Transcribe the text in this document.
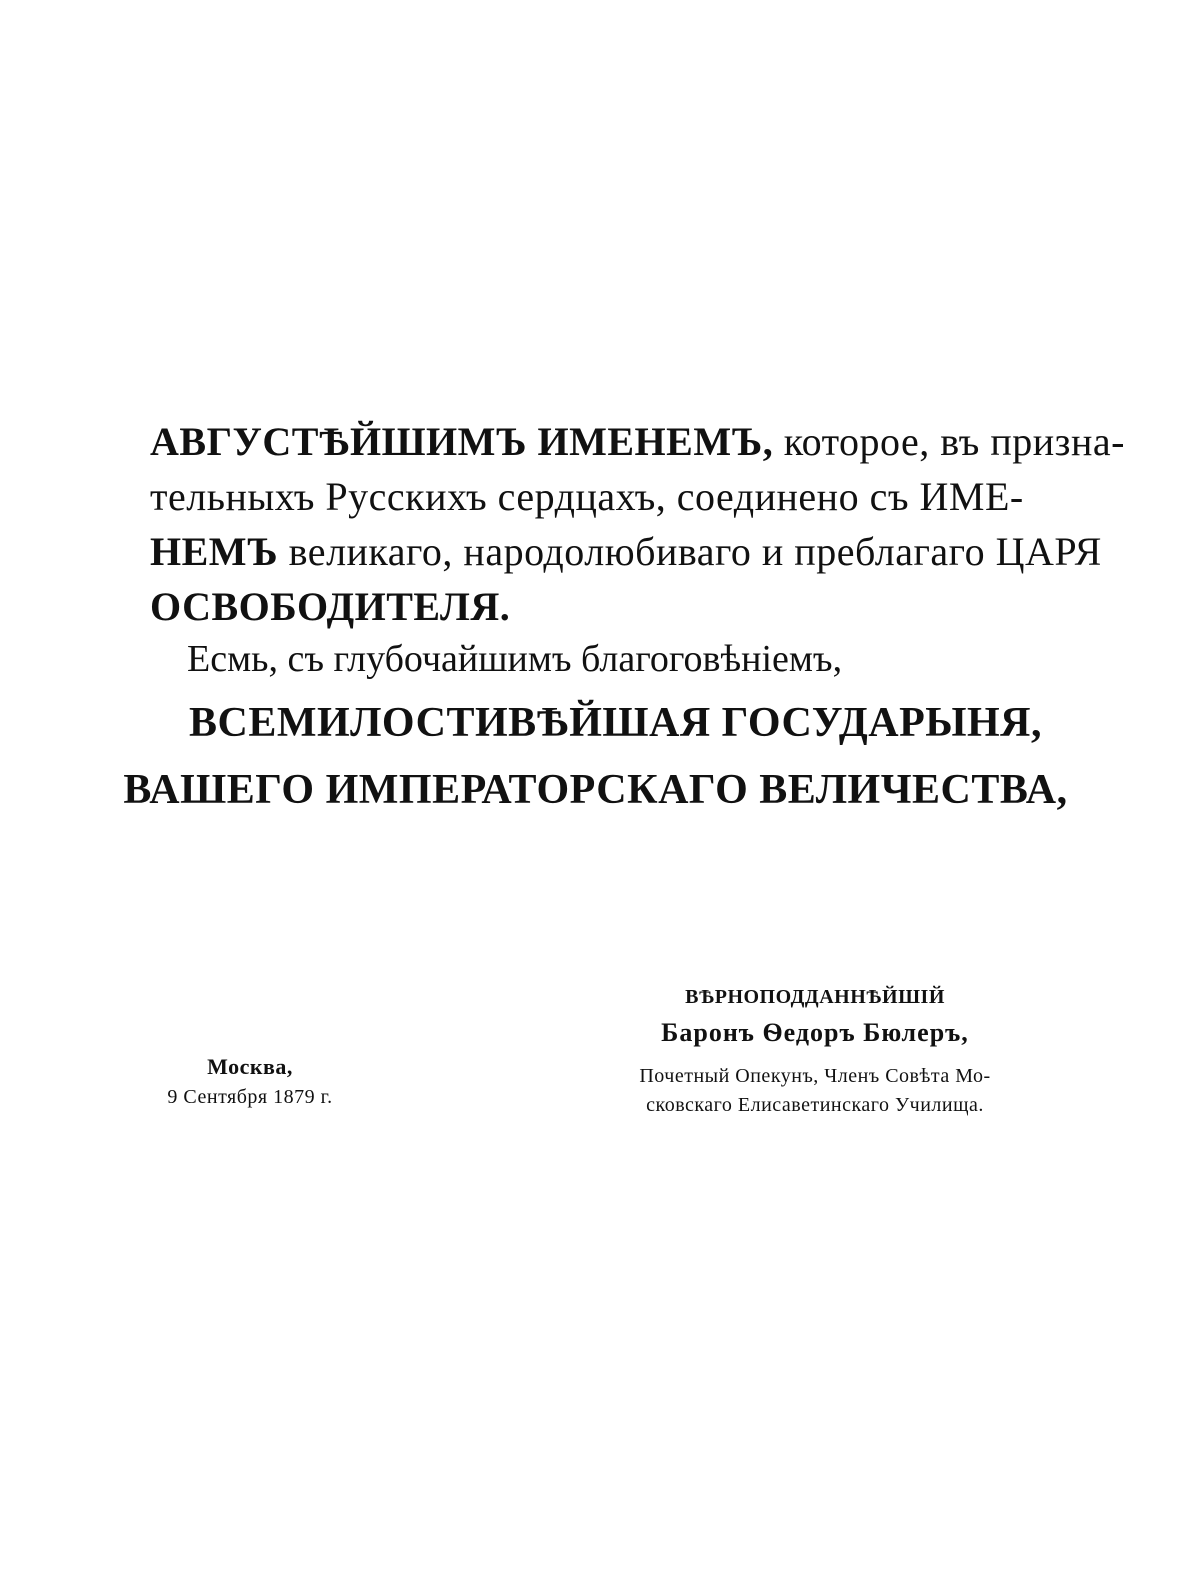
АВГУСТѢЙШИМЪ ИМЕНЕМЪ, которое, въ призна-
тельныхъ Русскихъ сердцахъ, соединено съ ИМЕ-
НЕМЪ великаго, народолюбиваго и преблагаго ЦАРЯ
ОСВОБОДИТЕЛЯ.
Есмь, съ глубочайшимъ благоговѣніемъ,
ВСЕМИЛОСТИВѢЙШАЯ ГОСУДАРЫНЯ,
ВАШЕГО ИМПЕРАТОРСКАГО ВЕЛИЧЕСТВА,
ВѢРНОПОДДАННѢЙШІЙ
Баронъ Ѳедоръ Бюлеръ,
Почетный Опекунъ, Членъ Совѣта Мо-
сковскаго Елисаветинскаго Училища.
Москва,
9 Сентября 1879 г.
